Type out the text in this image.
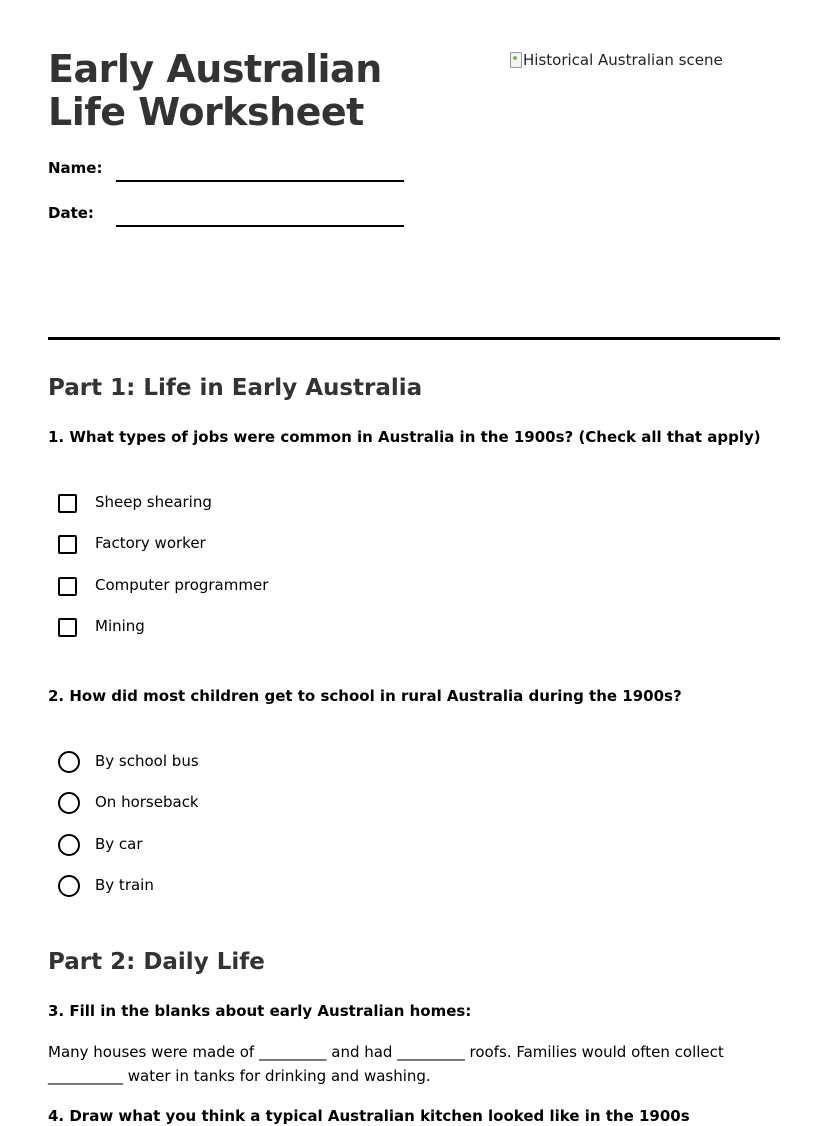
Early Australian Life Worksheet
Name:
Date:
Historical Australian scene
Part 1: Life in Early Australia

1. What types of jobs were common in Australia in the 1900s? (Check all that apply)

Sheep shearing
Factory worker
Computer programmer
Mining

2. How did most children get to school in rural Australia during the 1900s?

By school bus
On horseback
By car
By train
Part 2: Daily Life

3. Fill in the blanks about early Australian homes:

Many houses were made of _________ and had _________ roofs. Families would often collect __________ water in tanks for drinking and washing.

4. Draw what you think a typical Australian kitchen looked like in the 1900s
